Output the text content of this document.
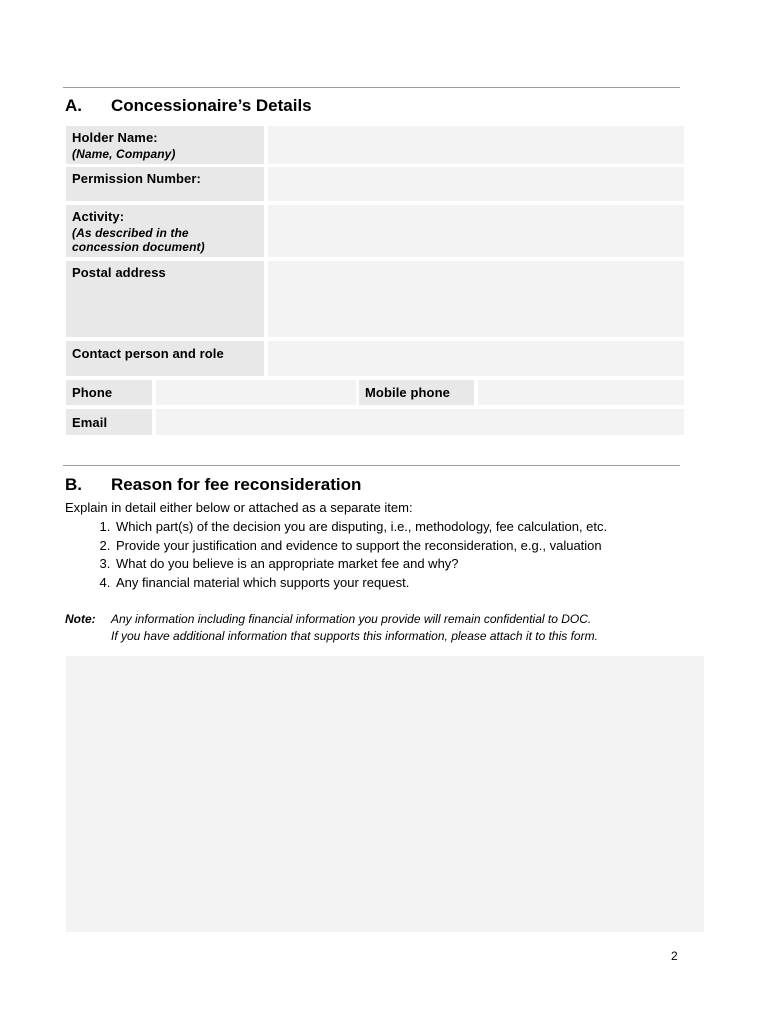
A. Concessionaire’s Details
Holder Name:
(Name, Company)
Permission Number:
Activity:
(As described in the
concession document)
Postal address
Contact person and role
Phone	Mobile phone
Email
B. Reason for fee reconsideration
Explain in detail either below or attached as a separate item:
1. Which part(s) of the decision you are disputing, i.e., methodology, fee calculation, etc.
2. Provide your justification and evidence to support the reconsideration, e.g., valuation
3. What do you believe is an appropriate market fee and why?
4. Any financial material which supports your request.
Note: Any information including financial information you provide will remain confidential to DOC.
If you have additional information that supports this information, please attach it to this form.
2
